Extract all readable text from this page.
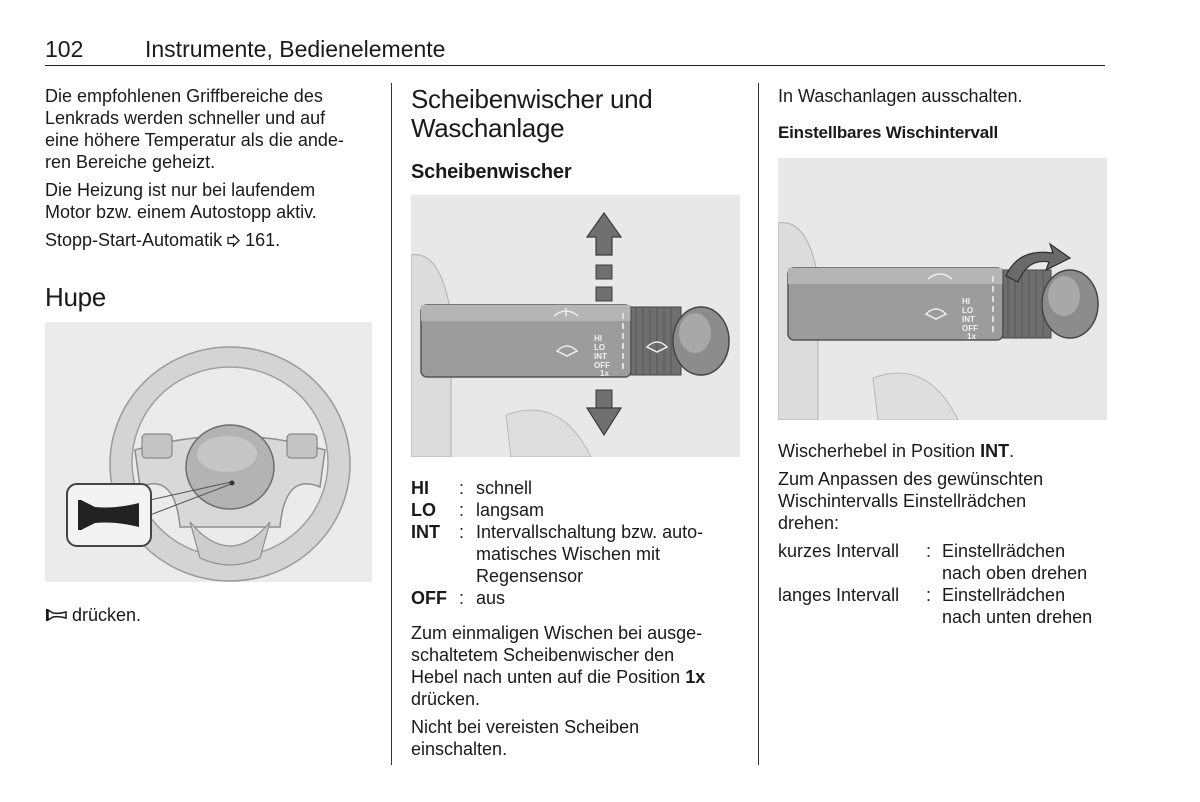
102	Instrumente, Bedienelemente

Die empfohlenen Griffbereiche des
Lenkrads werden schneller und auf
eine höhere Temperatur als die ande-
ren Bereiche geheizt.

Die Heizung ist nur bei laufendem
Motor bzw. einem Autostopp aktiv.

Stopp-Start-Automatik 161.

Hupe
drücken.
Scheibenwischer und
Waschanlage
Scheibenwischer
HI
LO
INT
OFF
1x
HI	: schnell
LO	: langsam
INT	: Intervallschaltung bzw. auto-
matisches Wischen mit
Regensensor
OFF : aus

Zum einmaligen Wischen bei ausge-
schaltetem Scheibenwischer den
Hebel nach unten auf die Position 1x
drücken.

Nicht bei vereisten Scheiben
einschalten.

In Waschanlagen ausschalten.

Einstellbares Wischintervall
HI
LO
INT
OFF
1x

Wischerhebel in Position INT.

Zum Anpassen des gewünschten
Wischintervalls Einstellrädchen
drehen:

kurzes Intervall	: Einstellrädchen
nach oben drehen
langes Intervall	: Einstellrädchen
nach unten drehen
